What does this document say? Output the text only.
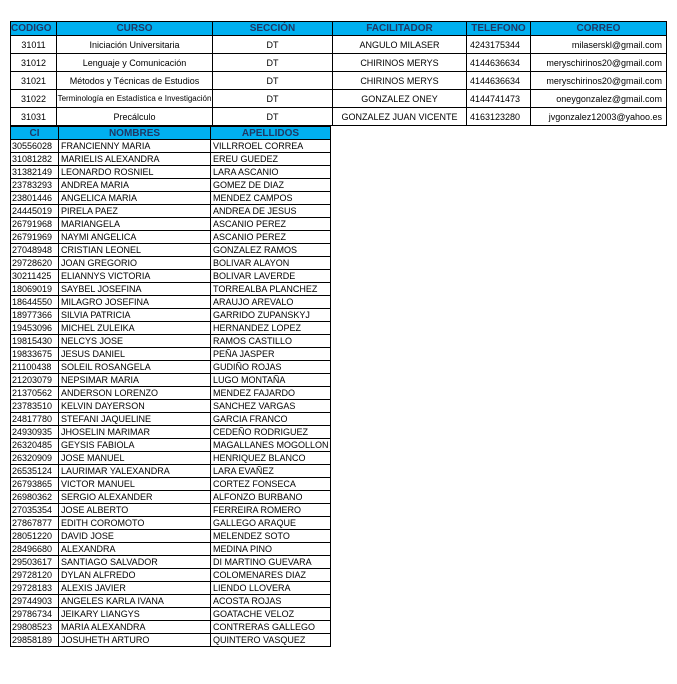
CODIGO	CURSO	SECCIÓN	FACILITADOR	TELEFONO	CORREO
31011	Iniciación Universitaria	DT	ANGULO MILASER	4243175344	milaserskl@gmail.com
31012	Lenguaje y Comunicación	DT	CHIRINOS MERYS	4144636634	meryschirinos20@gmail.com
31021	Métodos y Técnicas de Estudios	DT	CHIRINOS MERYS	4144636634	meryschirinos20@gmail.com
31022	Terminología en Estadística e Investigación	DT	GONZALEZ ONEY	4144741473	oneygonzalez@gmail.com
31031	Precálculo	DT	GONZALEZ JUAN VICENTE	4163123280	jvgonzalez12003@yahoo.es
CI	NOMBRES	APELLIDOS
30556028	FRANCIENNY MARIA	VILLRROEL CORREA
31081282	MARIELIS ALEXANDRA	EREU GUEDEZ
31382149	LEONARDO ROSNIEL	LARA ASCANIO
23783293	ANDREA MARIA	GOMEZ DE DIAZ
23801446	ANGELICA MARIA	MENDEZ CAMPOS
24445019	PIRELA PAEZ	ANDREA DE JESUS
26791968	MARIANGELA	ASCANIO PEREZ
26791969	NAYMI ANGELICA	ASCANIO PEREZ
27048948	CRISTIAN LEONEL	GONZALEZ RAMOS
29728620	JOAN GREGORIO	BOLIVAR ALAYON
30211425	ELIANNYS VICTORIA	BOLIVAR LAVERDE
18069019	SAYBEL JOSEFINA	TORREALBA PLANCHEZ
18644550	MILAGRO JOSEFINA	ARAUJO AREVALO
18977366	SILVIA PATRICIA	GARRIDO ZUPANSKYJ
19453096	MICHEL ZULEIKA	HERNANDEZ LOPEZ
19815430	NELCYS JOSE	RAMOS CASTILLO
19833675	JESUS DANIEL	PEÑA JASPER
21100438	SOLEIL ROSANGELA	GUDIÑO ROJAS
21203079	NEPSIMAR MARIA	LUGO MONTAÑA
21370562	ANDERSON LORENZO	MENDEZ FAJARDO
23783510	KELVIN DAYERSON	SANCHEZ VARGAS
24817780	STEFANI JAQUELINE	GARCIA FRANCO
24930935	JHOSELIN MARIMAR	CEDEÑO RODRIGUEZ
26320485	GEYSIS FABIOLA	MAGALLANES MOGOLLON
26320909	JOSE MANUEL	HENRIQUEZ BLANCO
26535124	LAURIMAR YALEXANDRA	LARA EVAÑEZ
26793865	VICTOR MANUEL	CORTEZ FONSECA
26980362	SERGIO ALEXANDER	ALFONZO BURBANO
27035354	JOSE ALBERTO	FERREIRA ROMERO
27867877	EDITH COROMOTO	GALLEGO ARAQUE
28051220	DAVID JOSE	MELENDEZ SOTO
28496680	ALEXANDRA	MEDINA PINO
29503617	SANTIAGO SALVADOR	DI MARTINO GUEVARA
29728120	DYLAN ALFREDO	COLOMENARES DIAZ
29728183	ALEXIS JAVIER	LIENDO LLOVERA
29744903	ANGELES KARLA IVANA	ACOSTA ROJAS
29786734	JEIKARY LIANGYS	GOATACHE VELOZ
29808523	MARIA ALEXANDRA	CONTRERAS GALLEGO
29858189	JOSUHETH ARTURO	QUINTERO VASQUEZ
